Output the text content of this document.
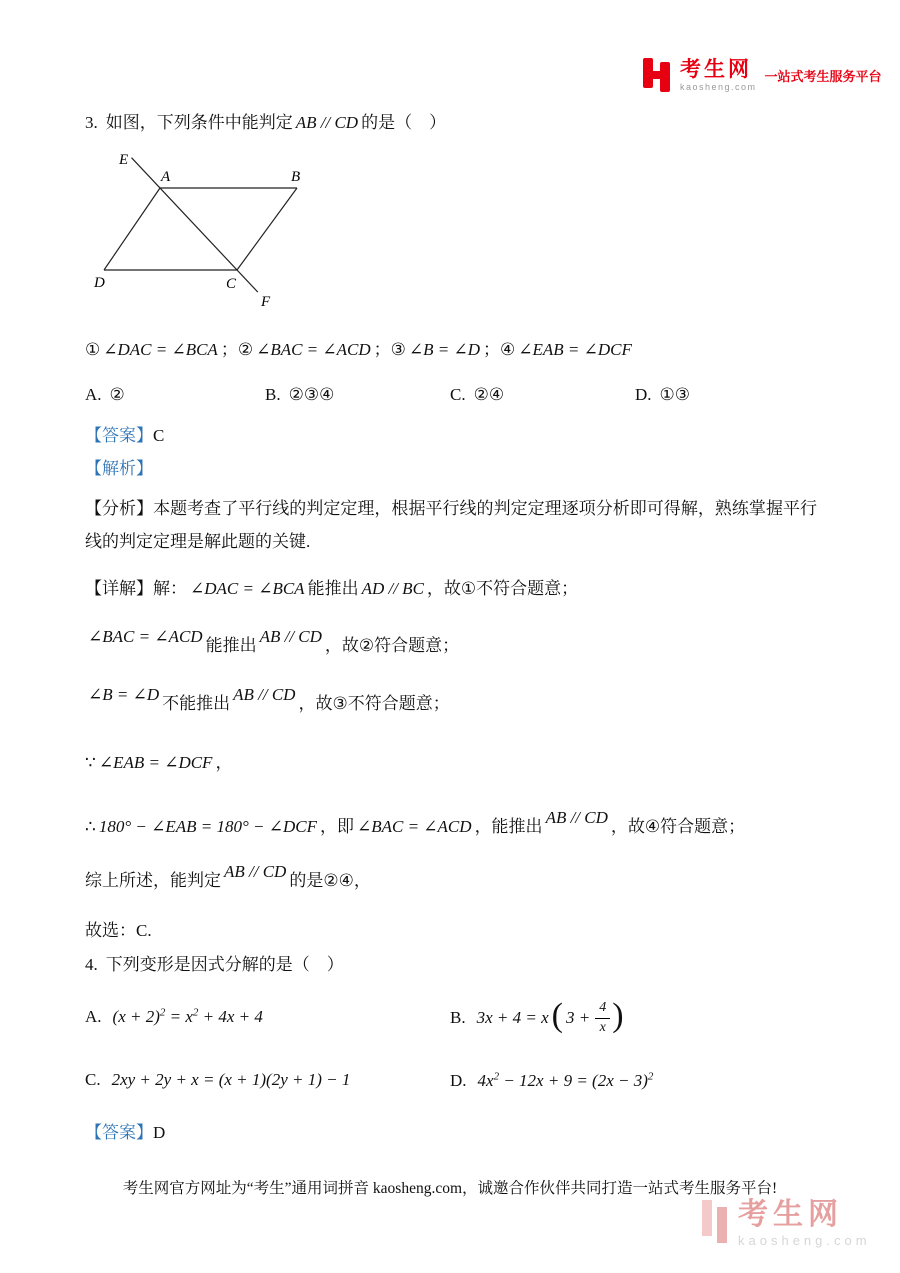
考生网
kaosheng.com
一站式考生服务平台

3. 如图，下列条件中能判定 AB // CD 的是（　）

E
A	B
D	C
F

① ∠DAC = ∠BCA ；② ∠BAC = ∠ACD ；③ ∠B = ∠D ；④ ∠EAB = ∠DCF

A. ②	B. ②③④	C. ②④	D. ①③

【答案】C

【解析】

【分析】本题考查了平行线的判定定理，根据平行线的判定定理逐项分析即可得解，熟练掌握平行线的判定定理是解此题的关键.

【详解】解： ∠DAC = ∠BCA 能推出 AD // BC ，故①不符合题意；

∠BAC = ∠ACD 能推出 AB // CD ，故②符合题意；

∠B = ∠D 不能推出 AB // CD ，故③不符合题意；

∵ ∠EAB = ∠DCF ，

∴ 180° − ∠EAB = 180° − ∠DCF ，即 ∠BAC = ∠ACD ，能推出 AB // CD ，故④符合题意；

综上所述，能判定 AB // CD 的是②④，

故选：C.

4. 下列变形是因式分解的是（　）

A. $(x + 2)^2 = x^2 + 4x + 4$	B. 3x + 4 = x( $3 + \frac{4}{x}$ )

C. 2xy + 2y + x = (x + 1)(2y + 1) − 1	D. $4x^2 - 12x + 9 = (2x - 3)^2$

【答案】D

考生网官方网址为“考生”通用词拼音 kaosheng.com，诚邀合作伙伴共同打造一站式考生服务平台!

考生网
kaosheng.com
